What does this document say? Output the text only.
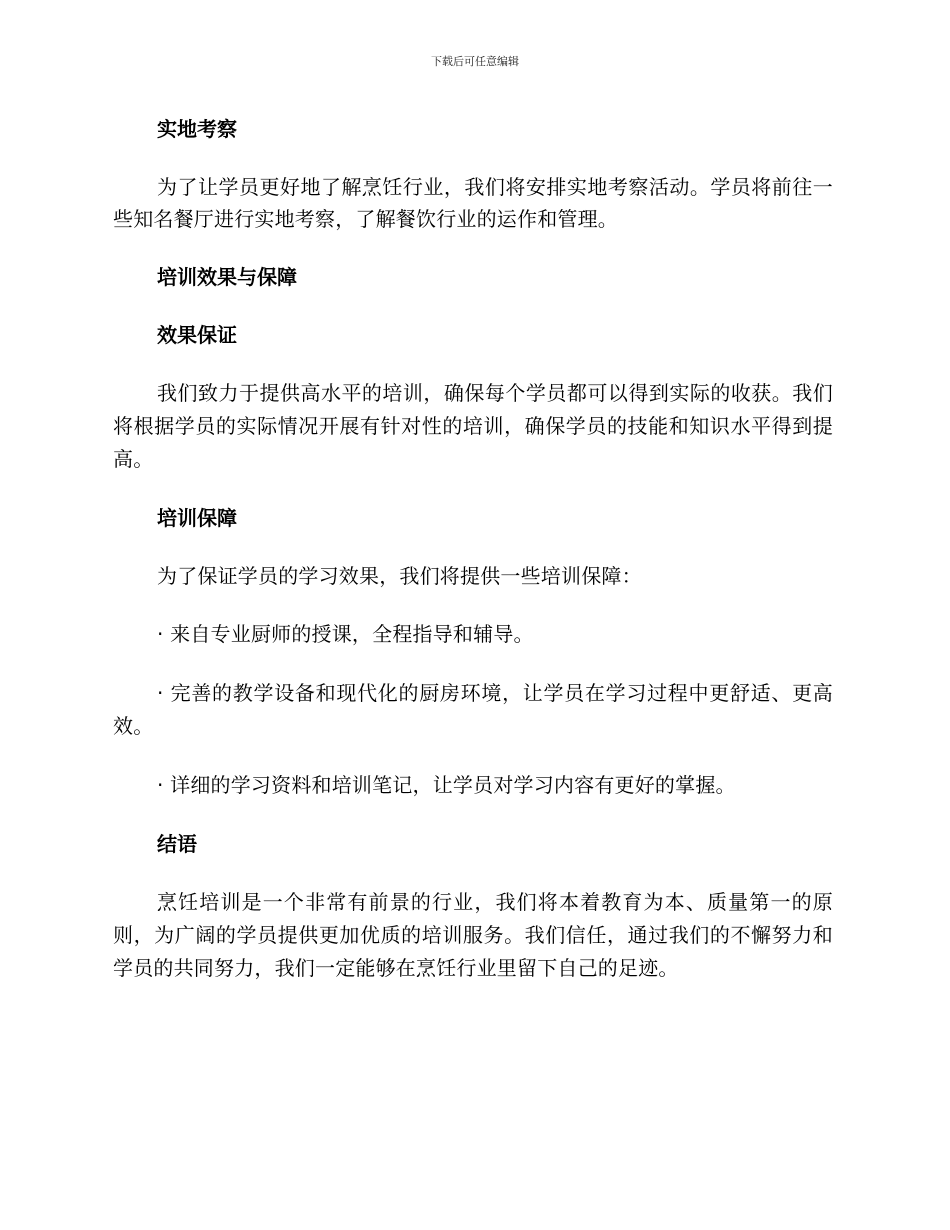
下载后可任意编辑
实地考察

为了让学员更好地了解烹饪行业，我们将安排实地考察活动。学员将前往一些知名餐厅进行实地考察，了解餐饮行业的运作和管理。

培训效果与保障
效果保证

我们致力于提供高水平的培训，确保每个学员都可以得到实际的收获。我们将根据学员的实际情况开展有针对性的培训，确保学员的技能和知识水平得到提高。

培训保障

为了保证学员的学习效果，我们将提供一些培训保障：

· 来自专业厨师的授课，全程指导和辅导。

· 完善的教学设备和现代化的厨房环境，让学员在学习过程中更舒适、更高效。

· 详细的学习资料和培训笔记，让学员对学习内容有更好的掌握。

结语

烹饪培训是一个非常有前景的行业，我们将本着教育为本、质量第一的原则，为广阔的学员提供更加优质的培训服务。我们信任，通过我们的不懈努力和学员的共同努力，我们一定能够在烹饪行业里留下自己的足迹。
